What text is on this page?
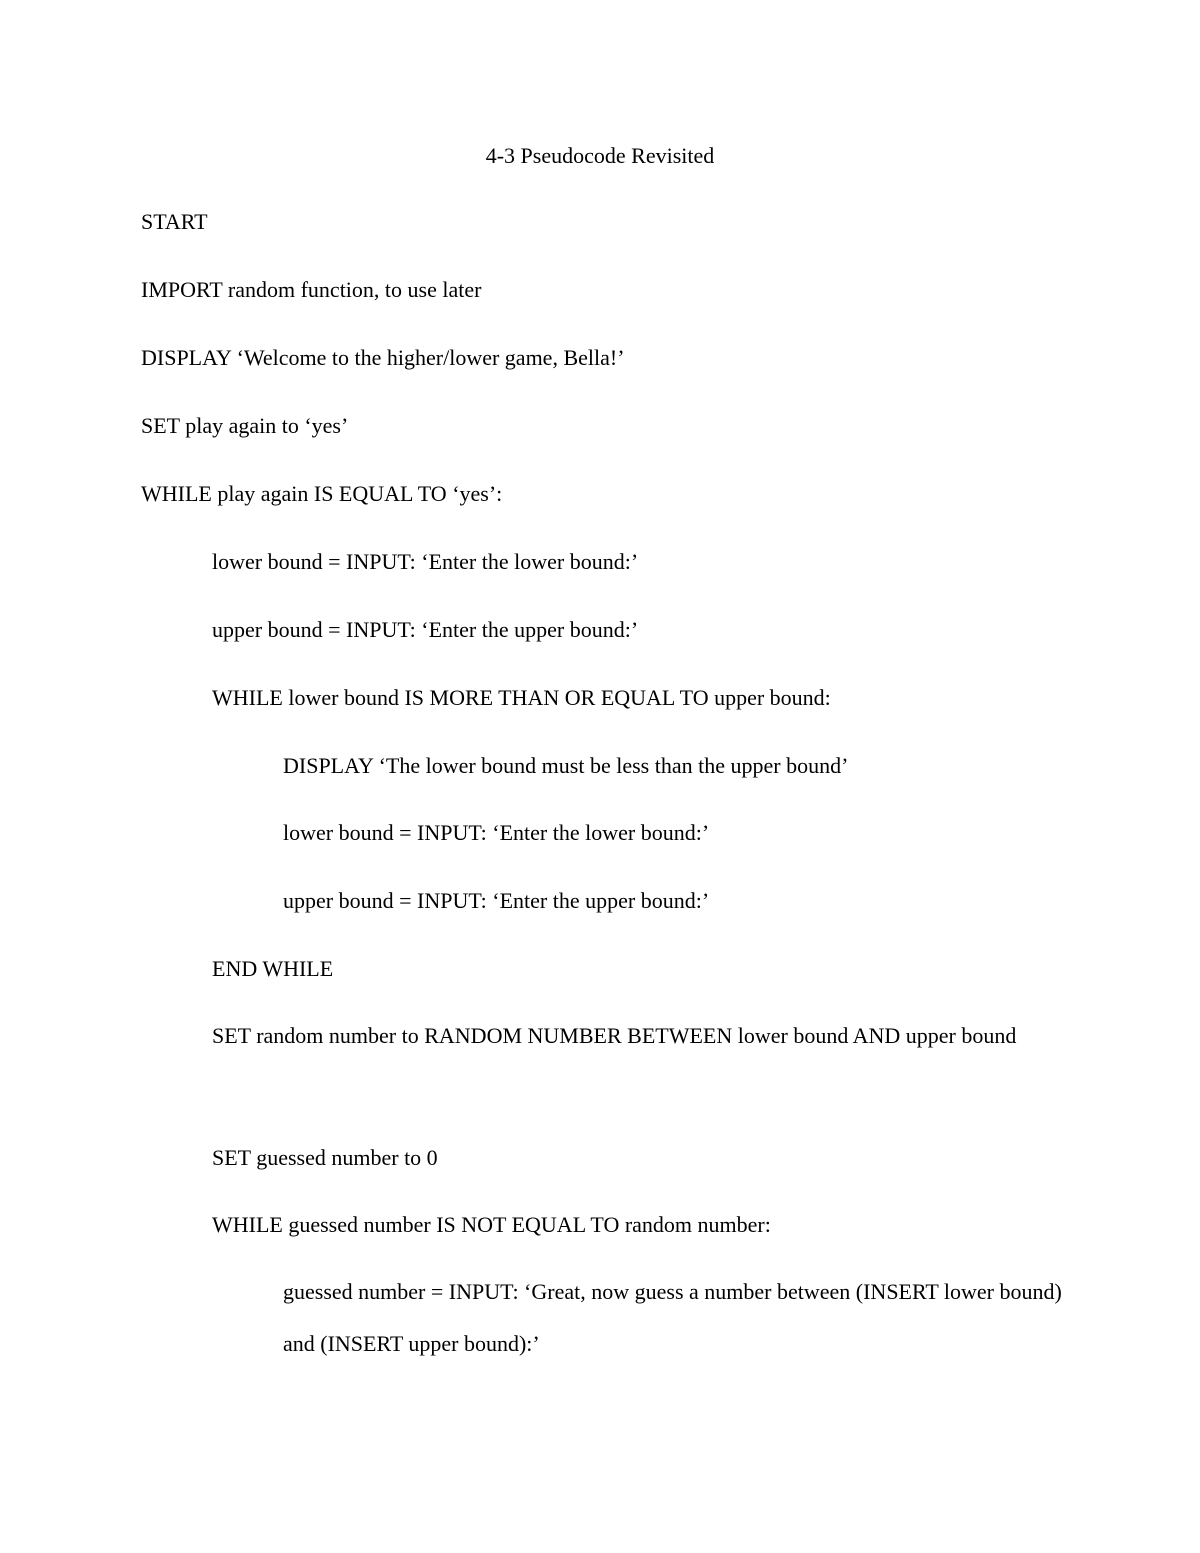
4-3 Pseudocode Revisited
START
IMPORT random function, to use later
DISPLAY ‘Welcome to the higher/lower game, Bella!’
SET play again to ‘yes’
WHILE play again IS EQUAL TO ‘yes’:
lower bound = INPUT: ‘Enter the lower bound:’
upper bound = INPUT: ‘Enter the upper bound:’
WHILE lower bound IS MORE THAN OR EQUAL TO upper bound:
DISPLAY ‘The lower bound must be less than the upper bound’
lower bound = INPUT: ‘Enter the lower bound:’
upper bound = INPUT: ‘Enter the upper bound:’
END WHILE
SET random number to RANDOM NUMBER BETWEEN lower bound AND upper bound
SET guessed number to 0
WHILE guessed number IS NOT EQUAL TO random number:
guessed number = INPUT: ‘Great, now guess a number between (INSERT lower bound) and (INSERT upper bound):’
